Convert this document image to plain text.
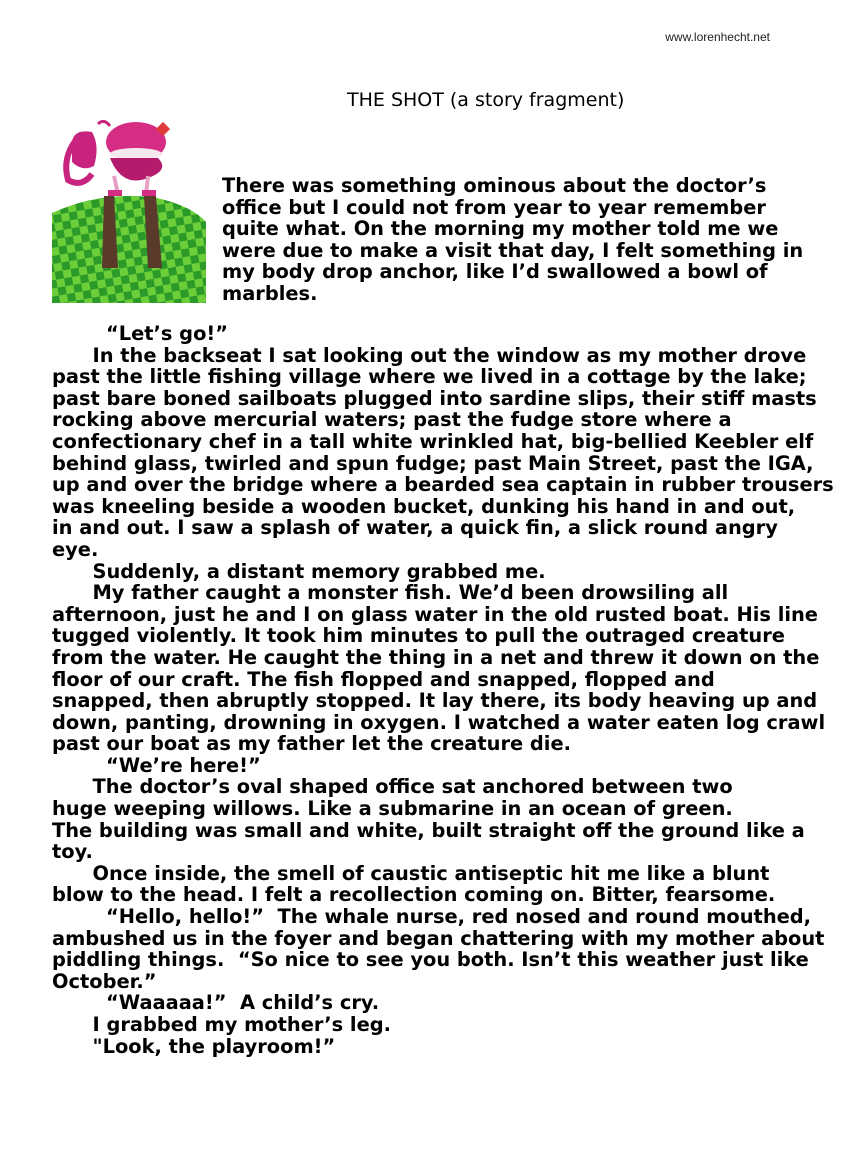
www.lorenhecht.net
THE SHOT (a story fragment)
There was something ominous about the doctor’s
office but I could not from year to year remember
quite what. On the morning my mother told me we
were due to make a visit that day, I felt something in
my body drop anchor, like I’d swallowed a bowl of
marbles.
“Let’s go!”
In the backseat I sat looking out the window as my mother drove
past the little fishing village where we lived in a cottage by the lake;
past bare boned sailboats plugged into sardine slips, their stiff masts
rocking above mercurial waters; past the fudge store where a
confectionary chef in a tall white wrinkled hat, big-bellied Keebler elf
behind glass, twirled and spun fudge; past Main Street, past the IGA,
up and over the bridge where a bearded sea captain in rubber trousers
was kneeling beside a wooden bucket, dunking his hand in and out,
in and out. I saw a splash of water, a quick fin, a slick round angry
eye.
Suddenly, a distant memory grabbed me.
My father caught a monster fish. We’d been drowsiling all
afternoon, just he and I on glass water in the old rusted boat. His line
tugged violently. It took him minutes to pull the outraged creature
from the water. He caught the thing in a net and threw it down on the
floor of our craft. The fish flopped and snapped, flopped and
snapped, then abruptly stopped. It lay there, its body heaving up and
down, panting, drowning in oxygen. I watched a water eaten log crawl
past our boat as my father let the creature die.
“We’re here!”
The doctor’s oval shaped office sat anchored between two
huge weeping willows. Like a submarine in an ocean of green.
The building was small and white, built straight off the ground like a
toy.
Once inside, the smell of caustic antiseptic hit me like a blunt
blow to the head. I felt a recollection coming on. Bitter, fearsome.
“Hello, hello!”  The whale nurse, red nosed and round mouthed,
ambushed us in the foyer and began chattering with my mother about
piddling things.  “So nice to see you both. Isn’t this weather just like
October.”
“Waaaaa!”  A child’s cry.
I grabbed my mother’s leg.
"Look, the playroom!”
